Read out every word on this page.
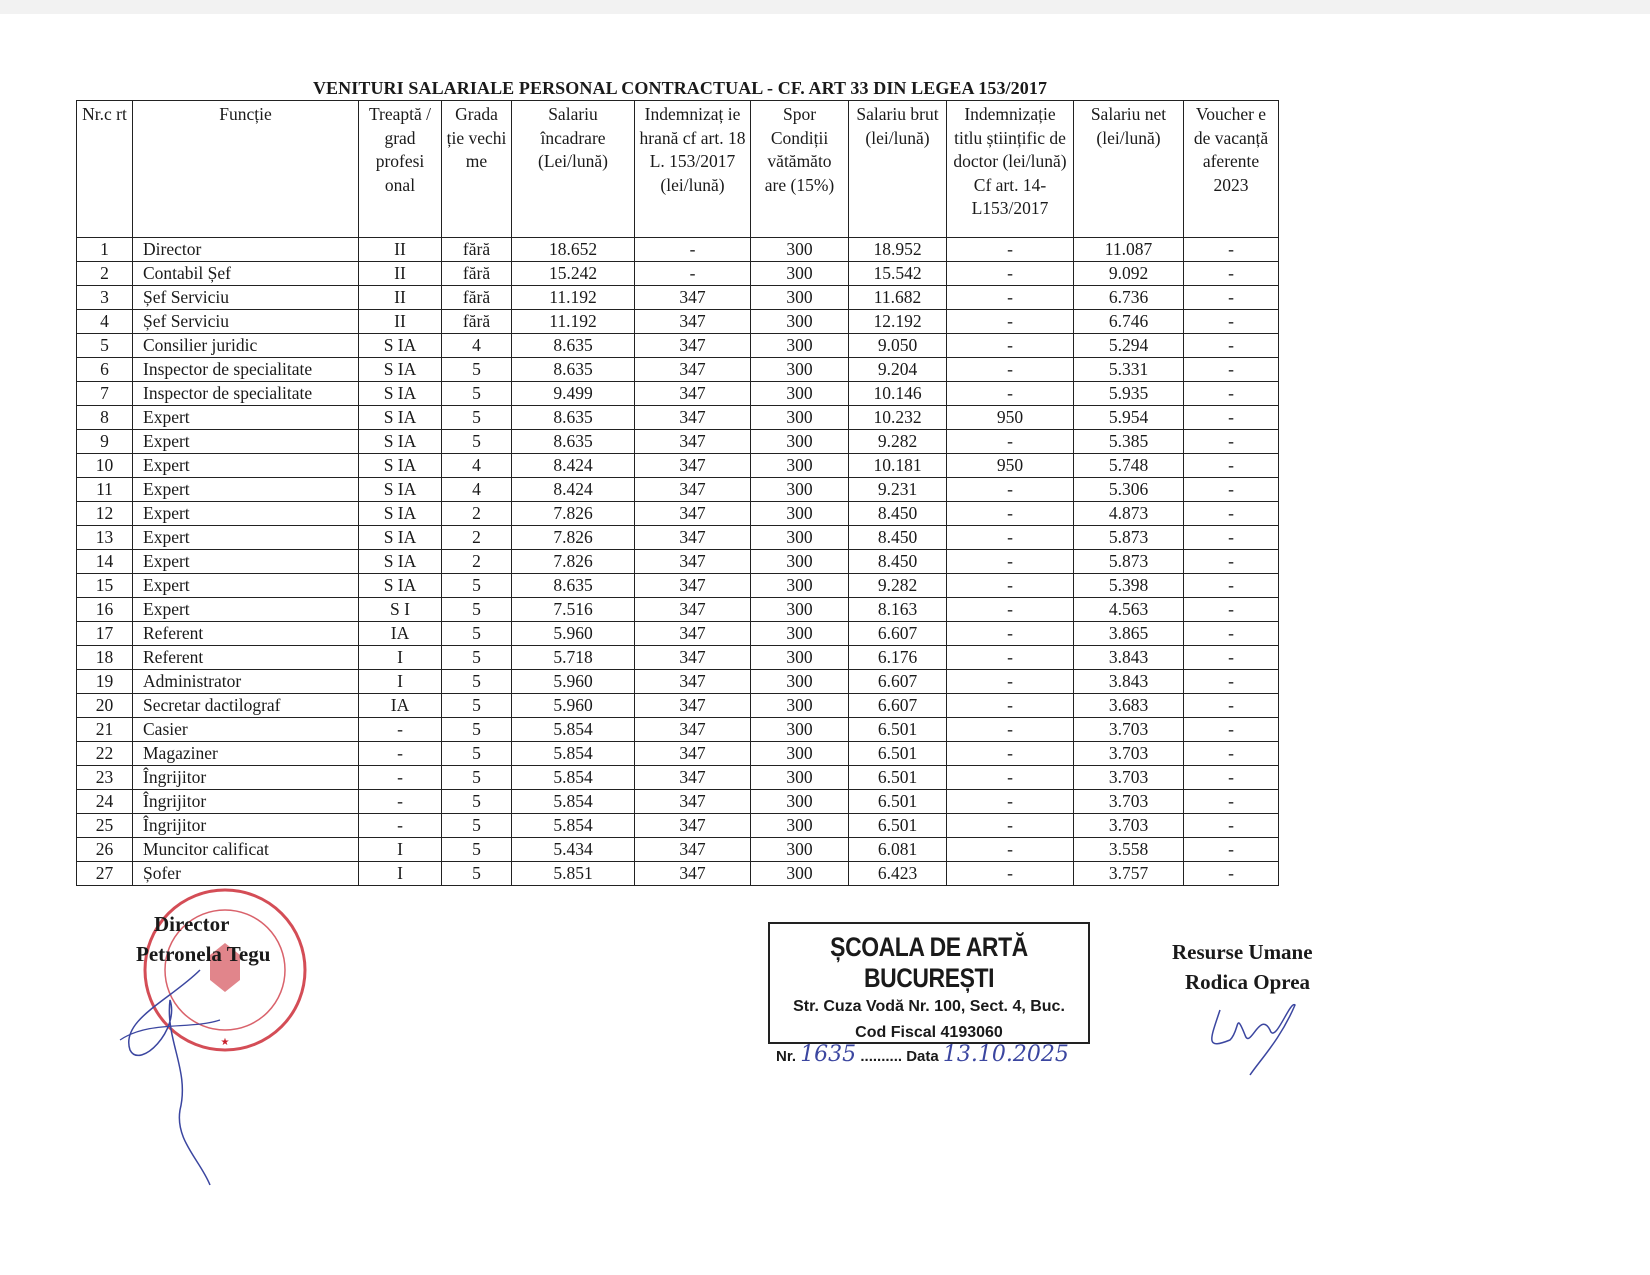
VENITURI SALARIALE PERSONAL CONTRACTUAL - CF. ART 33 DIN LEGEA 153/2017
Nr.c rt	Funcție	Treaptă / grad profesi onal	Grada ție vechi me	Salariu încadrare (Lei/lună)	Indemnizaț ie hrană cf art. 18 L. 153/2017 (lei/lună)	Spor Condiții vătămăto are (15%)	Salariu brut (lei/lună)	Indemnizație titlu științific de doctor (lei/lună) Cf art. 14- L153/2017	Salariu net (lei/lună)	Voucher e de vacanță aferente 2023
1	Director	II	fără	18.652	-	300	18.952	-	11.087	-
2	Contabil Șef	II	fără	15.242	-	300	15.542	-	9.092	-
3	Șef Serviciu	II	fără	11.192	347	300	11.682	-	6.736	-
4	Șef Serviciu	II	fără	11.192	347	300	12.192	-	6.746	-
5	Consilier juridic	S IA	4	8.635	347	300	9.050	-	5.294	-
6	Inspector de specialitate	S IA	5	8.635	347	300	9.204	-	5.331	-
7	Inspector de specialitate	S IA	5	9.499	347	300	10.146	-	5.935	-
8	Expert	S IA	5	8.635	347	300	10.232	950	5.954	-
9	Expert	S IA	5	8.635	347	300	9.282	-	5.385	-
10	Expert	S IA	4	8.424	347	300	10.181	950	5.748	-
11	Expert	S IA	4	8.424	347	300	9.231	-	5.306	-
12	Expert	S IA	2	7.826	347	300	8.450	-	4.873	-
13	Expert	S IA	2	7.826	347	300	8.450	-	5.873	-
14	Expert	S IA	2	7.826	347	300	8.450	-	5.873	-
15	Expert	S IA	5	8.635	347	300	9.282	-	5.398	-
16	Expert	S I	5	7.516	347	300	8.163	-	4.563	-
17	Referent	IA	5	5.960	347	300	6.607	-	3.865	-
18	Referent	I	5	5.718	347	300	6.176	-	3.843	-
19	Administrator	I	5	5.960	347	300	6.607	-	3.843	-
20	Secretar dactilograf	IA	5	5.960	347	300	6.607	-	3.683	-
21	Casier	-	5	5.854	347	300	6.501	-	3.703	-
22	Magaziner	-	5	5.854	347	300	6.501	-	3.703	-
23	Îngrijitor	-	5	5.854	347	300	6.501	-	3.703	-
24	Îngrijitor	-	5	5.854	347	300	6.501	-	3.703	-
25	Îngrijitor	-	5	5.854	347	300	6.501	-	3.703	-
26	Muncitor calificat	I	5	5.434	347	300	6.081	-	3.558	-
27	Șofer	I	5	5.851	347	300	6.423	-	3.757	-
★
Director
Petronela Tegu	ȘCOALA DE ARTĂ BUCUREȘTI
Str. Cuza Vodă Nr. 100, Sect. 4, Buc.
Cod Fiscal 4193060
Nr. 1635 .......... Data 13.10.2025
Resurse Umane
Rodica Oprea
